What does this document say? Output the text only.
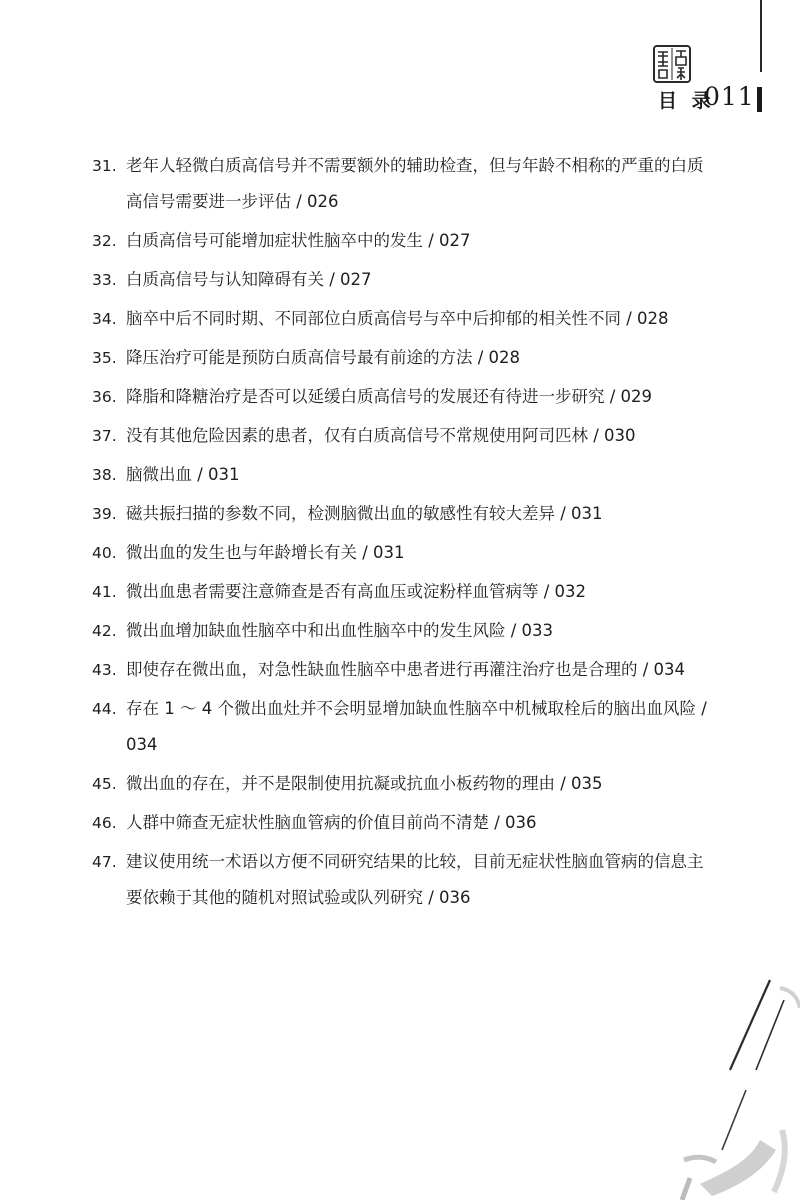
目 录
011
31. 老年人轻微白质高信号并不需要额外的辅助检查，但与年龄不相称的严重的白质高信号需要进一步评估 / 026
32. 白质高信号可能增加症状性脑卒中的发生 / 027
33. 白质高信号与认知障碍有关 / 027
34. 脑卒中后不同时期、不同部位白质高信号与卒中后抑郁的相关性不同 / 028
35. 降压治疗可能是预防白质高信号最有前途的方法 / 028
36. 降脂和降糖治疗是否可以延缓白质高信号的发展还有待进一步研究 / 029
37. 没有其他危险因素的患者，仅有白质高信号不常规使用阿司匹林 / 030
38. 脑微出血 / 031
39. 磁共振扫描的参数不同，检测脑微出血的敏感性有较大差异 / 031
40. 微出血的发生也与年龄增长有关 / 031
41. 微出血患者需要注意筛查是否有高血压或淀粉样血管病等 / 032
42. 微出血增加缺血性脑卒中和出血性脑卒中的发生风险 / 033
43. 即使存在微出血，对急性缺血性脑卒中患者进行再灌注治疗也是合理的 / 034
44. 存在 1 ～ 4 个微出血灶并不会明显增加缺血性脑卒中机械取栓后的脑出血风险 / 034
45. 微出血的存在，并不是限制使用抗凝或抗血小板药物的理由 / 035
46. 人群中筛查无症状性脑血管病的价值目前尚不清楚 / 036
47. 建议使用统一术语以方便不同研究结果的比较，目前无症状性脑血管病的信息主要依赖于其他的随机对照试验或队列研究 / 036
